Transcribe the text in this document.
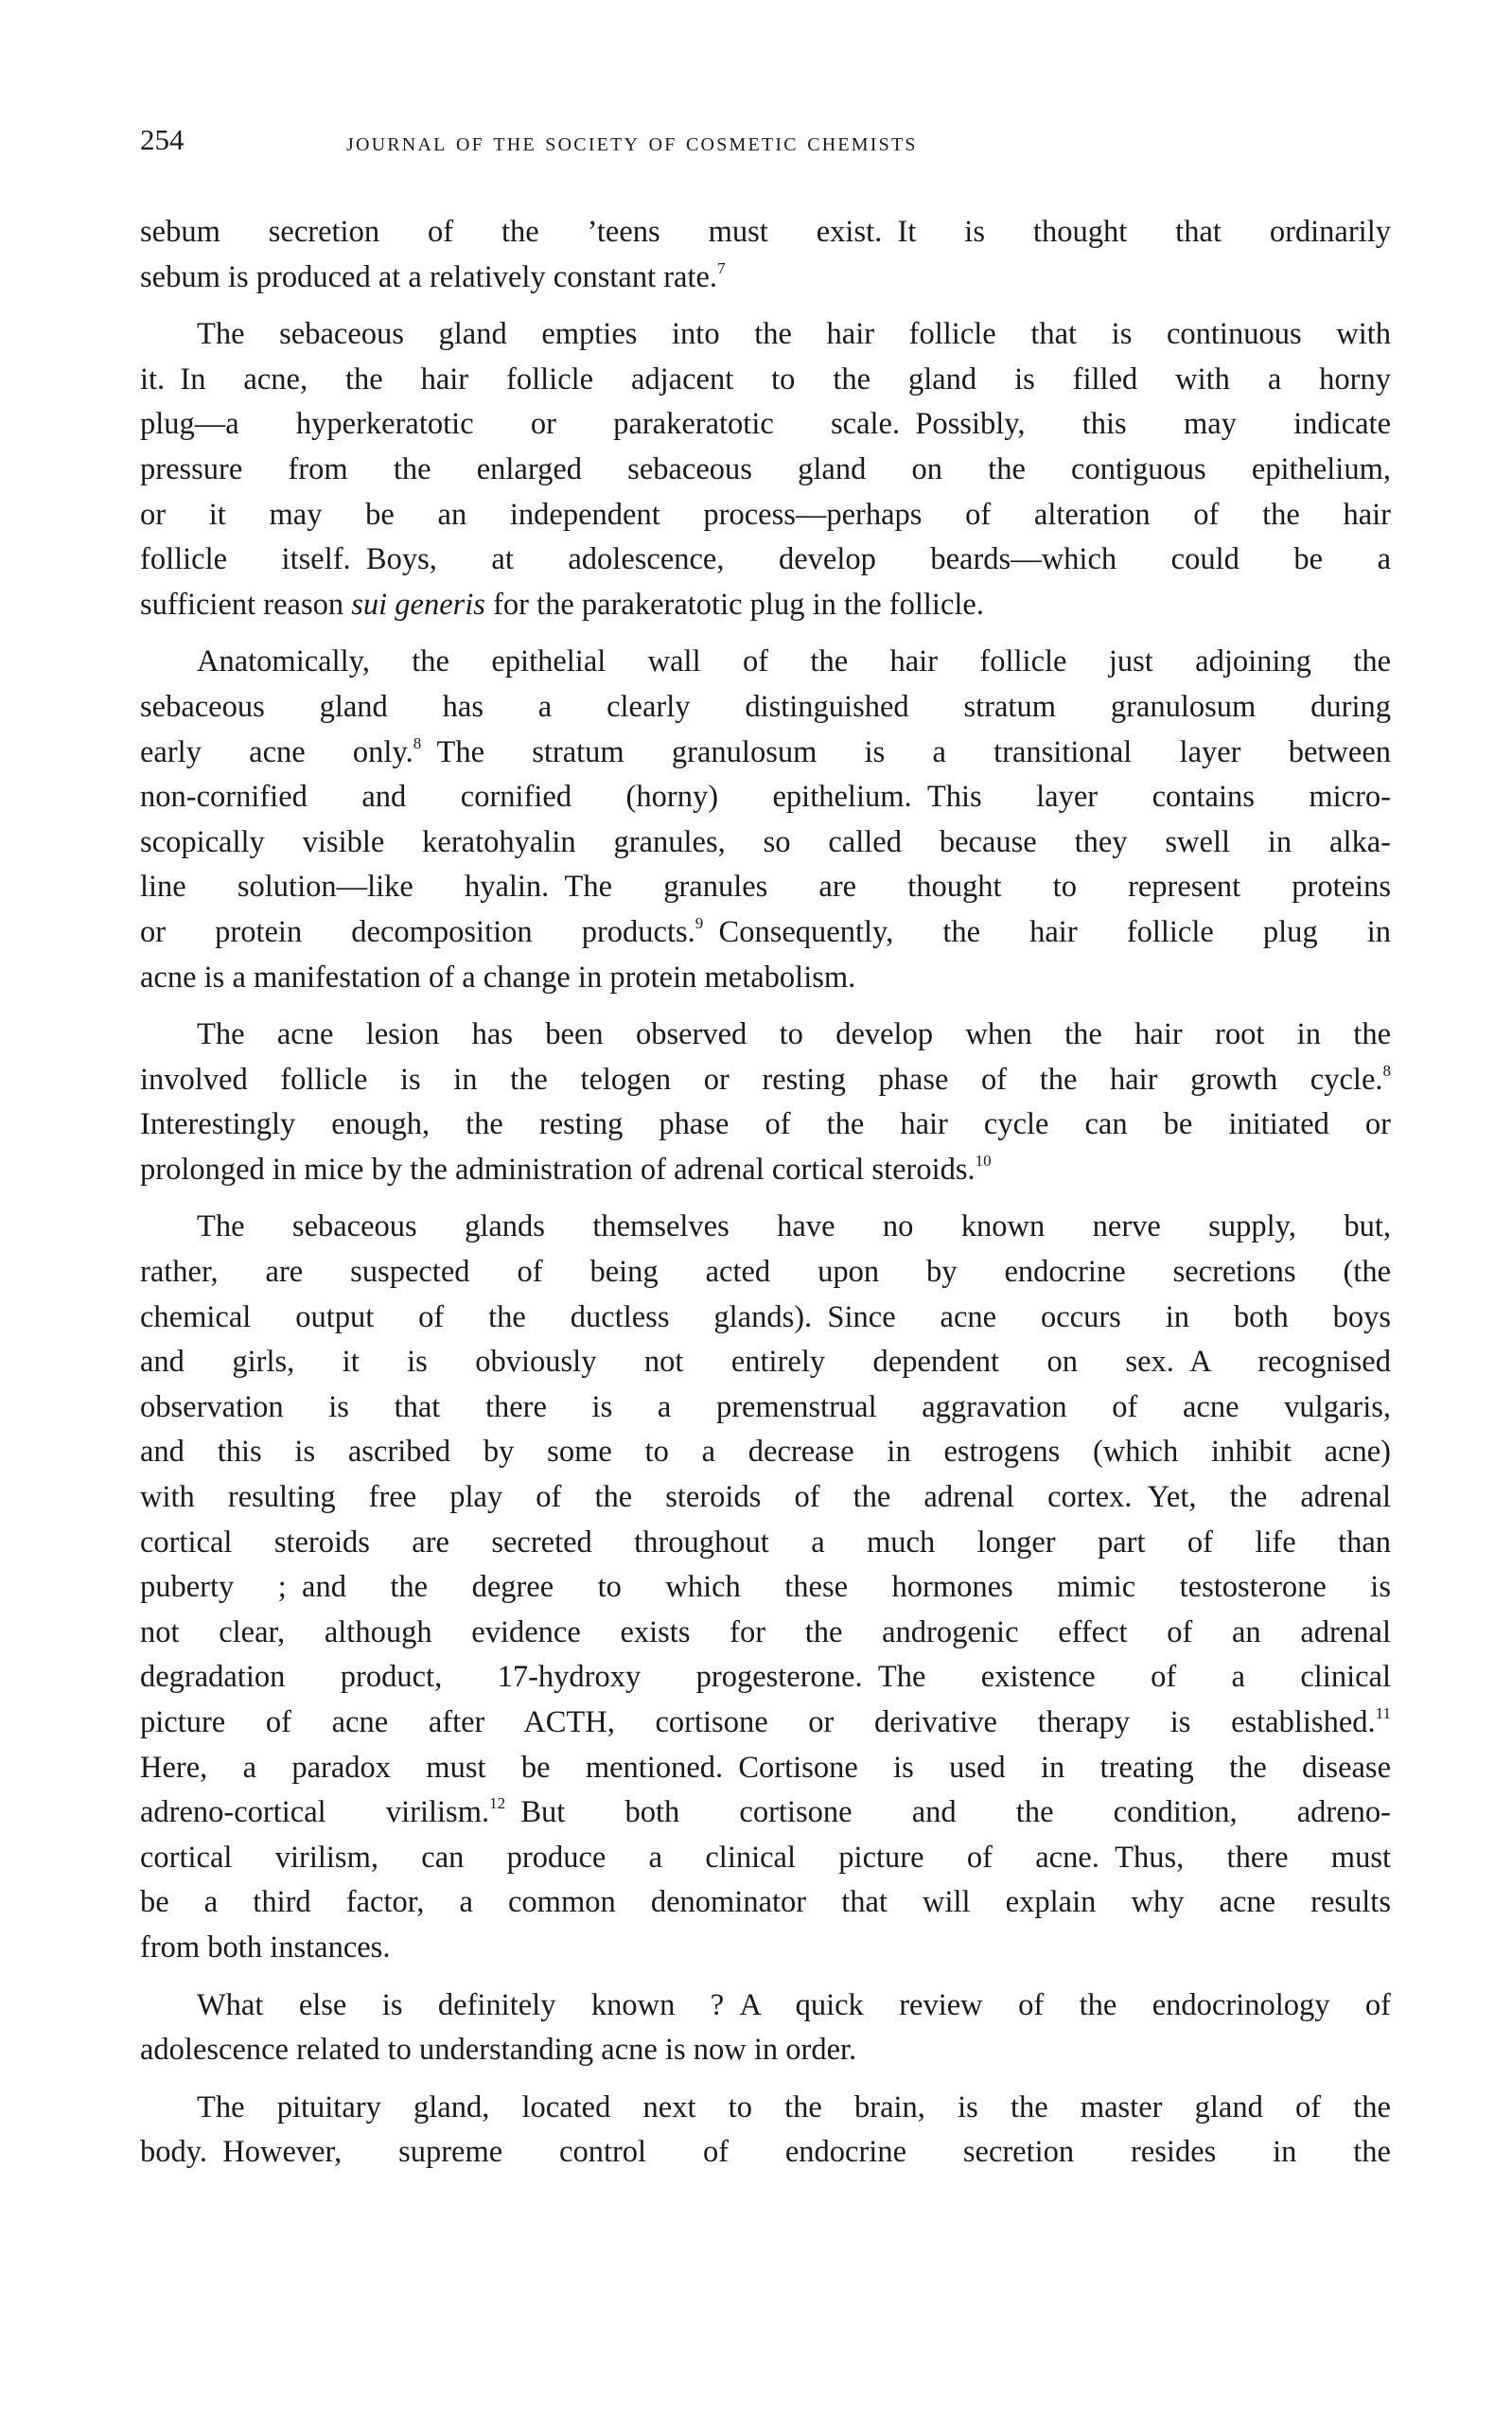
254	journal of the society of cosmetic chemists
sebum secretion of the ’teens must exist. It is thought that ordinarily
sebum is produced at a relatively constant rate.$^7$
The sebaceous gland empties into the hair follicle that is continuous with
it. In acne, the hair follicle adjacent to the gland is filled with a horny
plug—a hyperkeratotic or parakeratotic scale. Possibly, this may indicate
pressure from the enlarged sebaceous gland on the contiguous epithelium,
or it may be an independent process—perhaps of alteration of the hair
follicle itself. Boys, at adolescence, develop beards—which could be a
sufficient reason sui generis for the parakeratotic plug in the follicle.
Anatomically, the epithelial wall of the hair follicle just adjoining the
sebaceous gland has a clearly distinguished stratum granulosum during
early acne only.$^8$ The stratum granulosum is a transitional layer between
non-cornified and cornified (horny) epithelium. This layer contains micro-
scopically visible keratohyalin granules, so called because they swell in alka-
line solution—like hyalin. The granules are thought to represent proteins
or protein decomposition products.$^9$ Consequently, the hair follicle plug in
acne is a manifestation of a change in protein metabolism.
The acne lesion has been observed to develop when the hair root in the
involved follicle is in the telogen or resting phase of the hair growth cycle.$^8$
Interestingly enough, the resting phase of the hair cycle can be initiated or
prolonged in mice by the administration of adrenal cortical steroids.$^{10}$
The sebaceous glands themselves have no known nerve supply, but,
rather, are suspected of being acted upon by endocrine secretions (the
chemical output of the ductless glands). Since acne occurs in both boys
and girls, it is obviously not entirely dependent on sex. A recognised
observation is that there is a premenstrual aggravation of acne vulgaris,
and this is ascribed by some to a decrease in estrogens (which inhibit acne)
with resulting free play of the steroids of the adrenal cortex. Yet, the adrenal
cortical steroids are secreted throughout a much longer part of life than
puberty ; and the degree to which these hormones mimic testosterone is
not clear, although evidence exists for the androgenic effect of an adrenal
degradation product, 17-hydroxy progesterone. The existence of a clinical
picture of acne after ACTH, cortisone or derivative therapy is established.$^{11}$
Here, a paradox must be mentioned. Cortisone is used in treating the disease
adreno-cortical virilism.$^{12}$ But both cortisone and the condition, adreno-
cortical virilism, can produce a clinical picture of acne. Thus, there must
be a third factor, a common denominator that will explain why acne results
from both instances.
What else is definitely known ? A quick review of the endocrinology of
adolescence related to understanding acne is now in order.
The pituitary gland, located next to the brain, is the master gland of the
body. However, supreme control of endocrine secretion resides in the
